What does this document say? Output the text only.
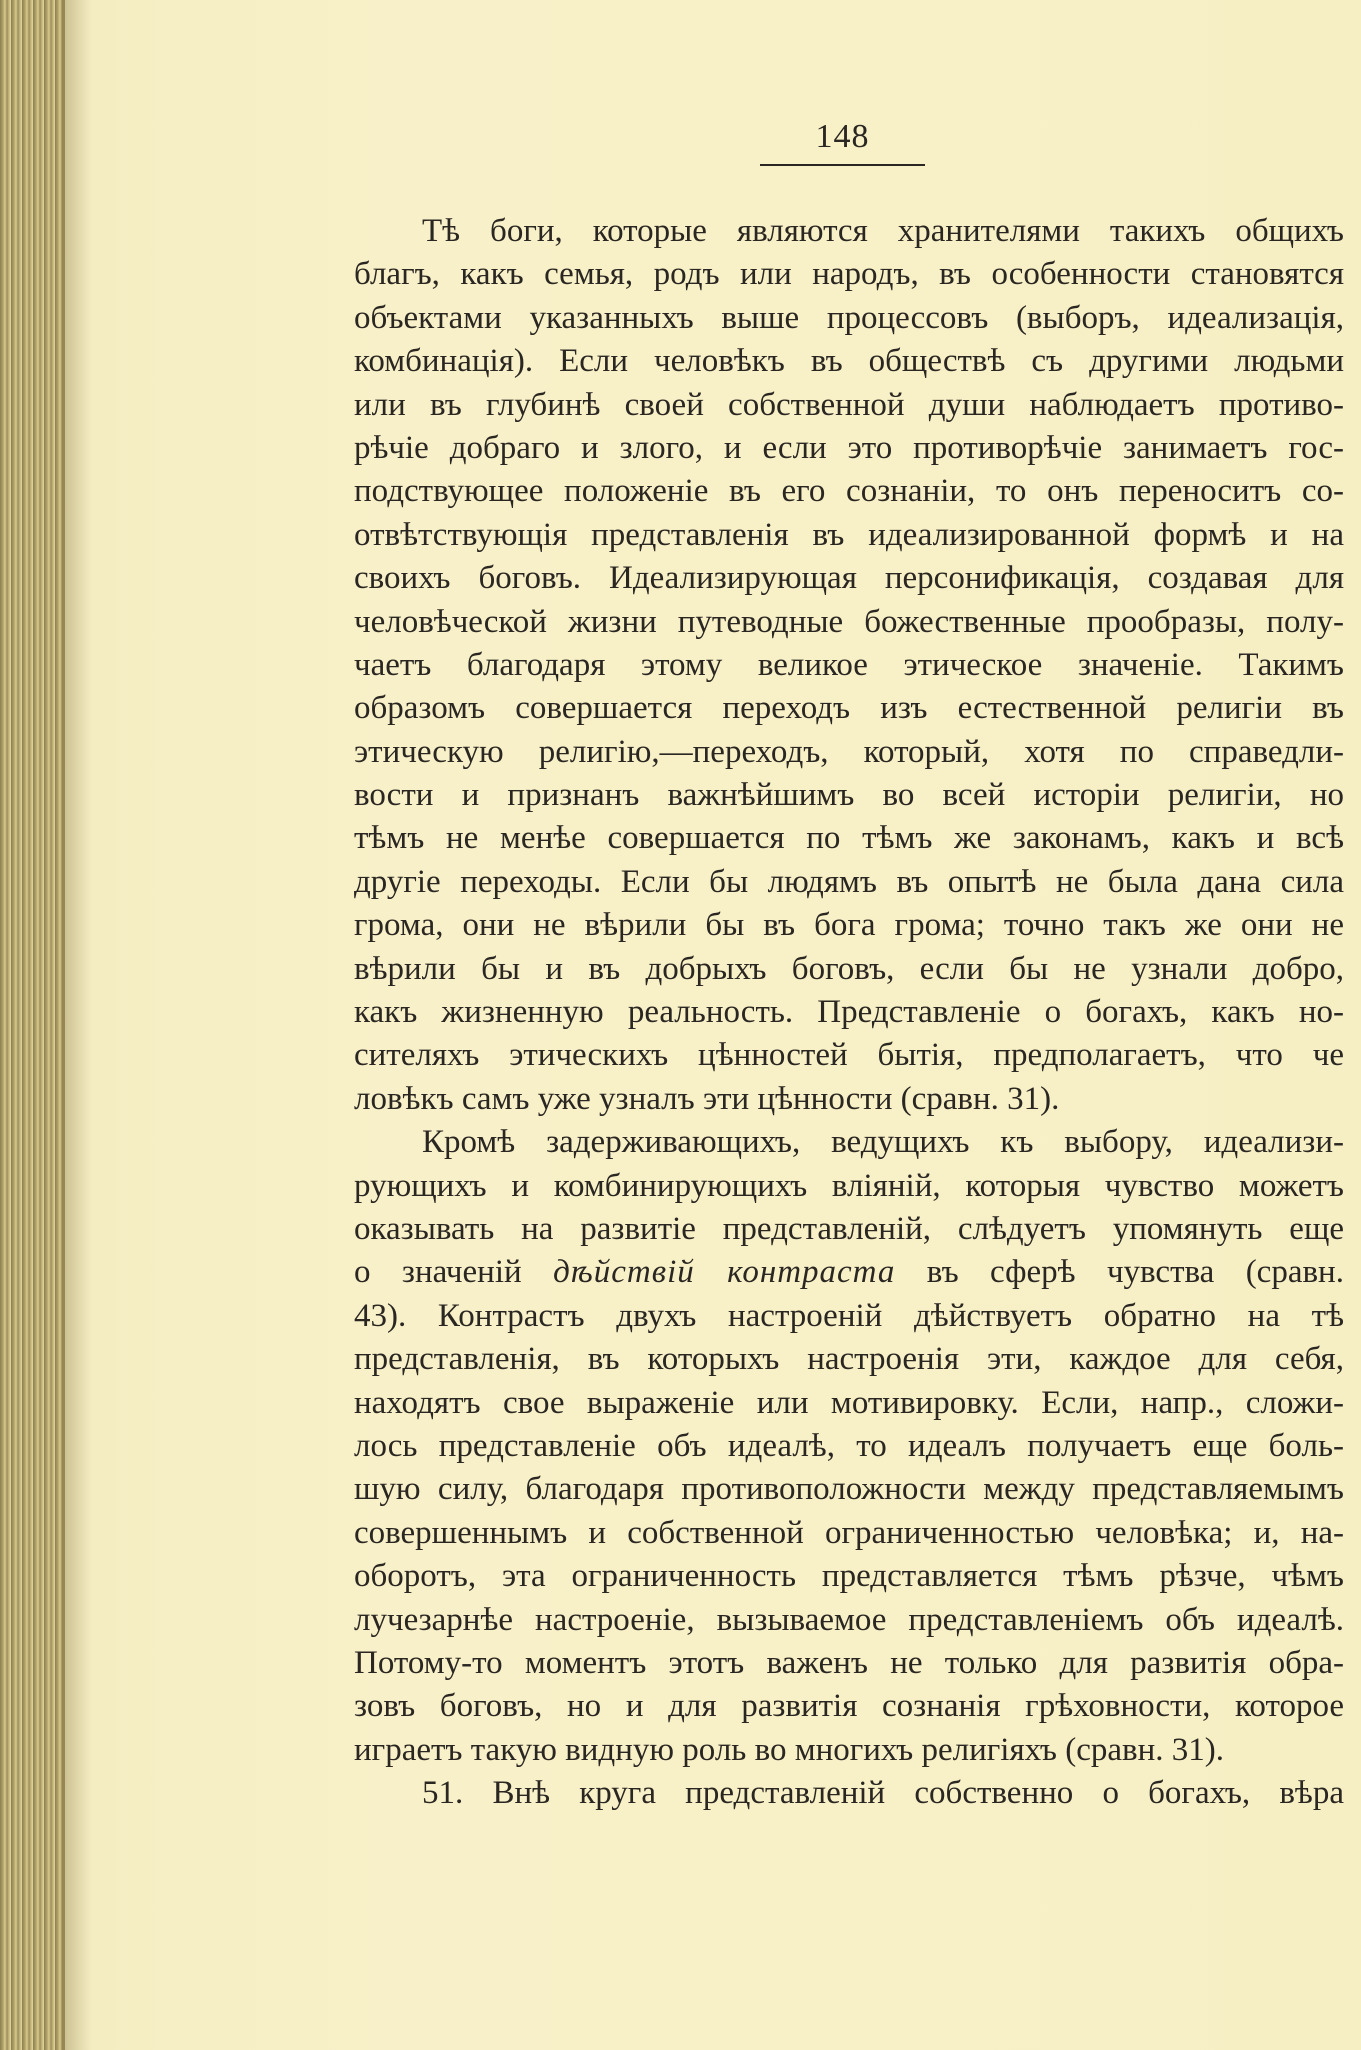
148
Тѣ боги, которые являются хранителями такихъ общихъ
благъ, какъ семья, родъ или народъ, въ особенности становятся
объектами указанныхъ выше процессовъ (выборъ, идеализація,
комбинація). Если человѣкъ въ обществѣ съ другими людьми
или въ глубинѣ своей собственной души наблюдаетъ противо-
рѣчіе добраго и злого, и если это противорѣчіе занимаетъ гос-
подствующее положеніе въ его сознаніи, то онъ переноситъ со-
отвѣтствующія представленія въ идеализированной формѣ и на
своихъ боговъ. Идеализирующая персонификація, создавая для
человѣческой жизни путеводные божественные прообразы, полу-
чаетъ благодаря этому великое этическое значеніе. Такимъ
образомъ совершается переходъ изъ естественной религіи въ
этическую религію,—переходъ, который, хотя по справедли-
вости и признанъ важнѣйшимъ во всей исторіи религіи, но
тѣмъ не менѣе совершается по тѣмъ же законамъ, какъ и всѣ
другіе переходы. Если бы людямъ въ опытѣ не была дана сила
грома, они не вѣрили бы въ бога грома; точно такъ же они не
вѣрили бы и въ добрыхъ боговъ, если бы не узнали добро,
какъ жизненную реальность. Представленіе о богахъ, какъ но-
сителяхъ этическихъ цѣнностей бытія, предполагаетъ, что че
ловѣкъ самъ уже узналъ эти цѣнности (сравн. 31).
Кромѣ задерживающихъ, ведущихъ къ выбору, идеализи-
рующихъ и комбинирующихъ вліяній, которыя чувство можетъ
оказывать на развитіе представленій, слѣдуетъ упомянуть еще
о значеній дѣйствій контраста въ сферѣ чувства (сравн.
43). Контрастъ двухъ настроеній дѣйствуетъ обратно на тѣ
представленія, въ которыхъ настроенія эти, каждое для себя,
находятъ свое выраженіе или мотивировку. Если, напр., сложи-
лось представленіе объ идеалѣ, то идеалъ получаетъ еще боль-
шую силу, благодаря противоположности между представляемымъ
совершеннымъ и собственной ограниченностью человѣка; и, на-
оборотъ, эта ограниченность представляется тѣмъ рѣзче, чѣмъ
лучезарнѣе настроеніе, вызываемое представленіемъ объ идеалѣ.
Потому-то моментъ этотъ важенъ не только для развитія обра-
зовъ боговъ, но и для развитія сознанія грѣховности, которое
играетъ такую видную роль во многихъ религіяхъ (сравн. 31).
51. Внѣ круга представленій собственно о богахъ, вѣра
